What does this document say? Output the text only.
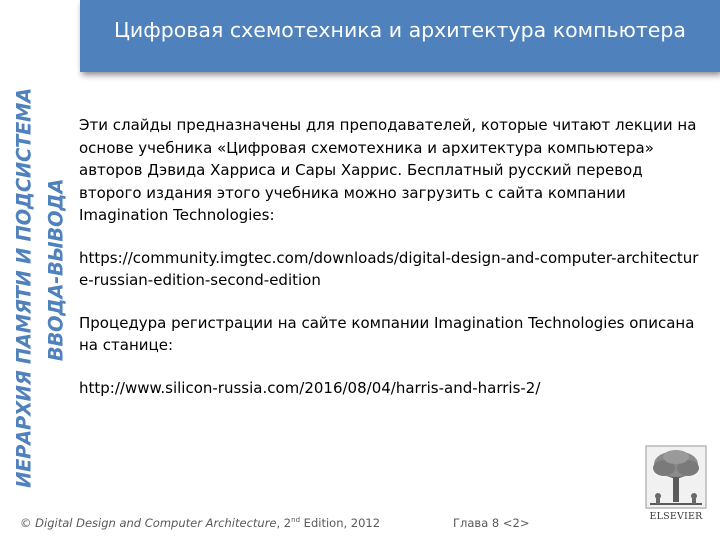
Цифровая схемотехника и архитектура компьютера
ИЕРАРХИЯ ПАМЯТИ И ПОДСИСТЕМА ВВОДА-ВЫВОДА

Эти слайды предназначены для преподавателей, которые читают лекции на основе учебника «Цифровая схемотехника и архитектура компьютера» авторов Дэвида Харриса и Сары Харрис. Бесплатный русский перевод второго издания этого учебника можно загрузить с сайта компании Imagination Technologies:

https://community.imgtec.com/downloads/digital-design-and-computer-architecture-russian-edition-second-edition

Процедура регистрации на сайте компании Imagination Technologies описана на станице:

http://www.silicon-russia.com/2016/08/04/harris-and-harris-2/

© Digital Design and Computer Architecture, 2nd Edition, 2012	Глава 8 <2>	ELSEVIER
